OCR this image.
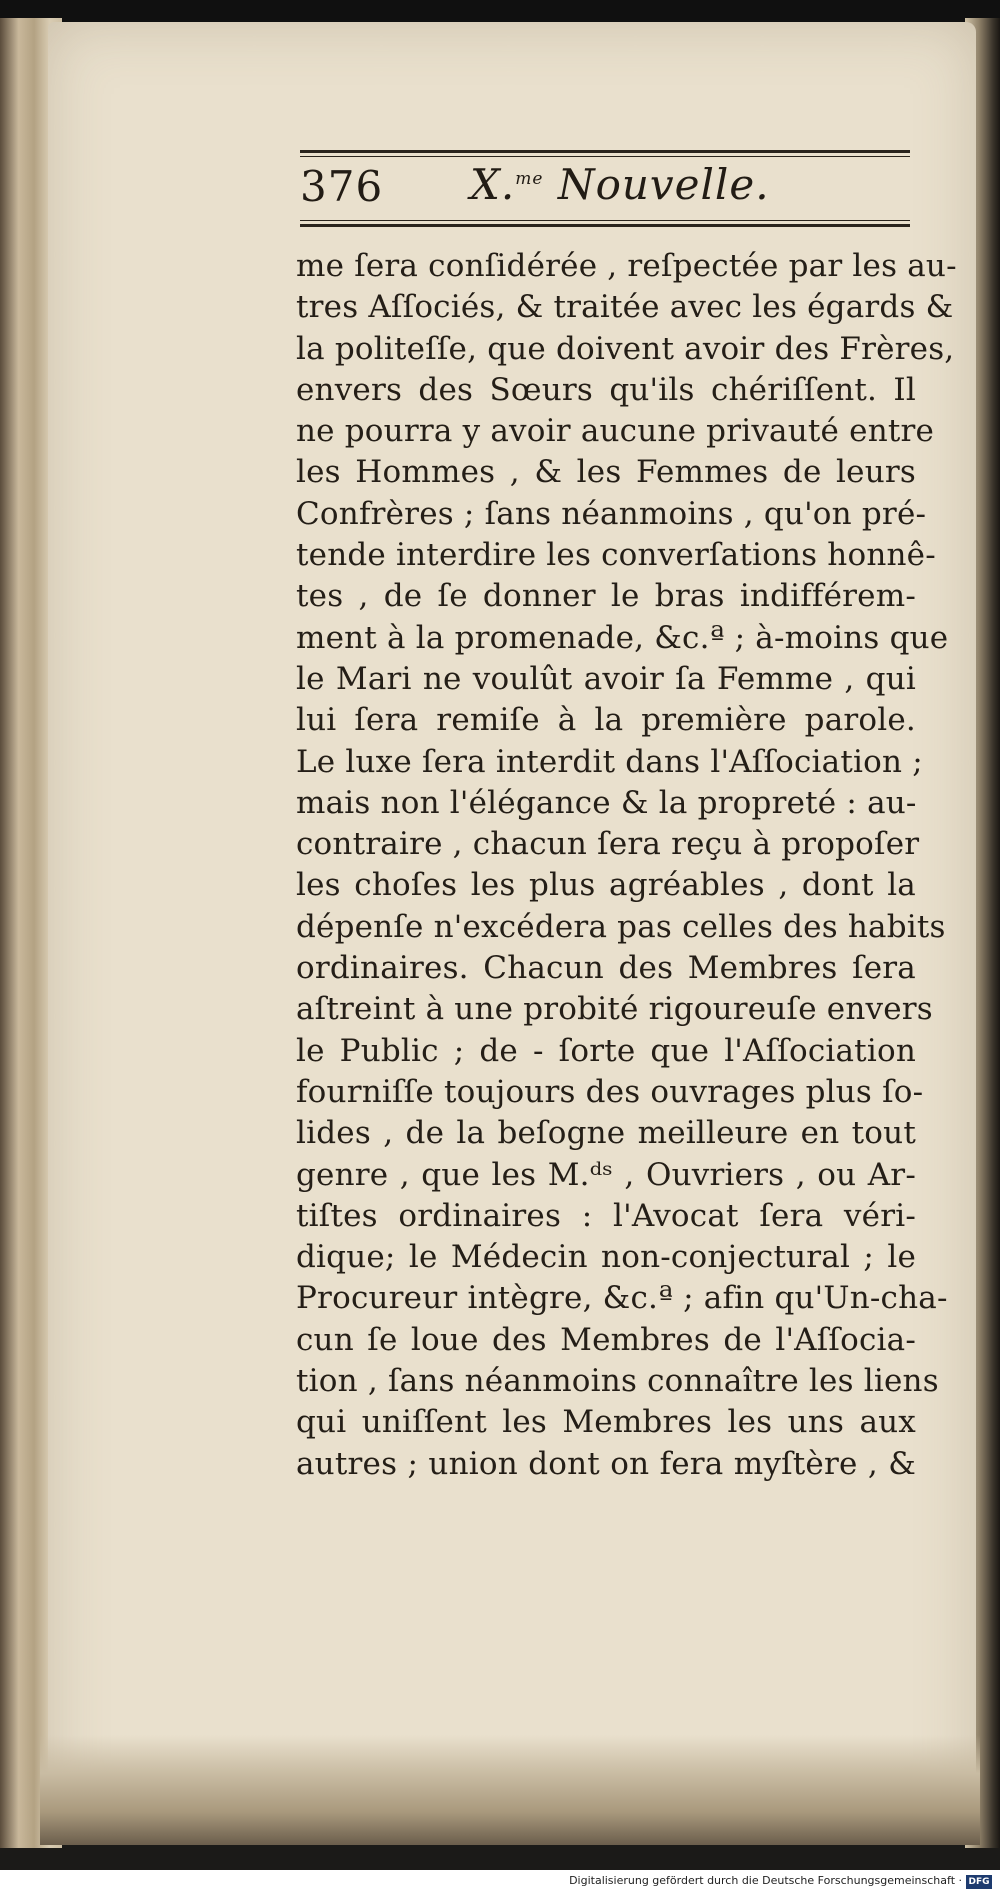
376 X.$^{me}$ Nouvelle.
me ſera conſidérée , reſpectée par les au-
tres Aſſociés, & traitée avec les égards &
la politeſſe, que doivent avoir des Frères,
envers des Sœurs qu'ils chériſſent. Il
ne pourra y avoir aucune privauté entre
les Hommes , & les Femmes de leurs
Confrères ; ſans néanmoins , qu'on pré-
tende interdire les converſations honnê-
tes , de ſe donner le bras indifférem-
ment à la promenade, &c.ª ; à-moins que
le Mari ne voulût avoir ſa Femme , qui
lui ſera remiſe à la première parole.
Le luxe ſera interdit dans l'Aſſociation ;
mais non l'élégance & la propreté : au-
contraire , chacun ſera reçu à propoſer
les choſes les plus agréables , dont la
dépenſe n'excédera pas celles des habits
ordinaires. Chacun des Membres ſera
aſtreint à une probité rigoureuſe envers
le Public ; de - ſorte que l'Aſſociation
fourniſſe toujours des ouvrages plus ſo-
lides , de la beſogne meilleure en tout
genre , que les M.ᵈˢ , Ouvriers , ou Ar-
tiſtes ordinaires : l'Avocat ſera véri-
dique; le Médecin non-conjectural ; le
Procureur intègre, &c.ª ; afin qu'Un-cha-
cun ſe loue des Membres de l'Aſſocia-
tion , ſans néanmoins connaître les liens
qui uniſſent les Membres les uns aux
autres ; union dont on fera myſtère , &
Digitalisierung gefördert durch die Deutsche Forschungsgemeinschaft · DFG
